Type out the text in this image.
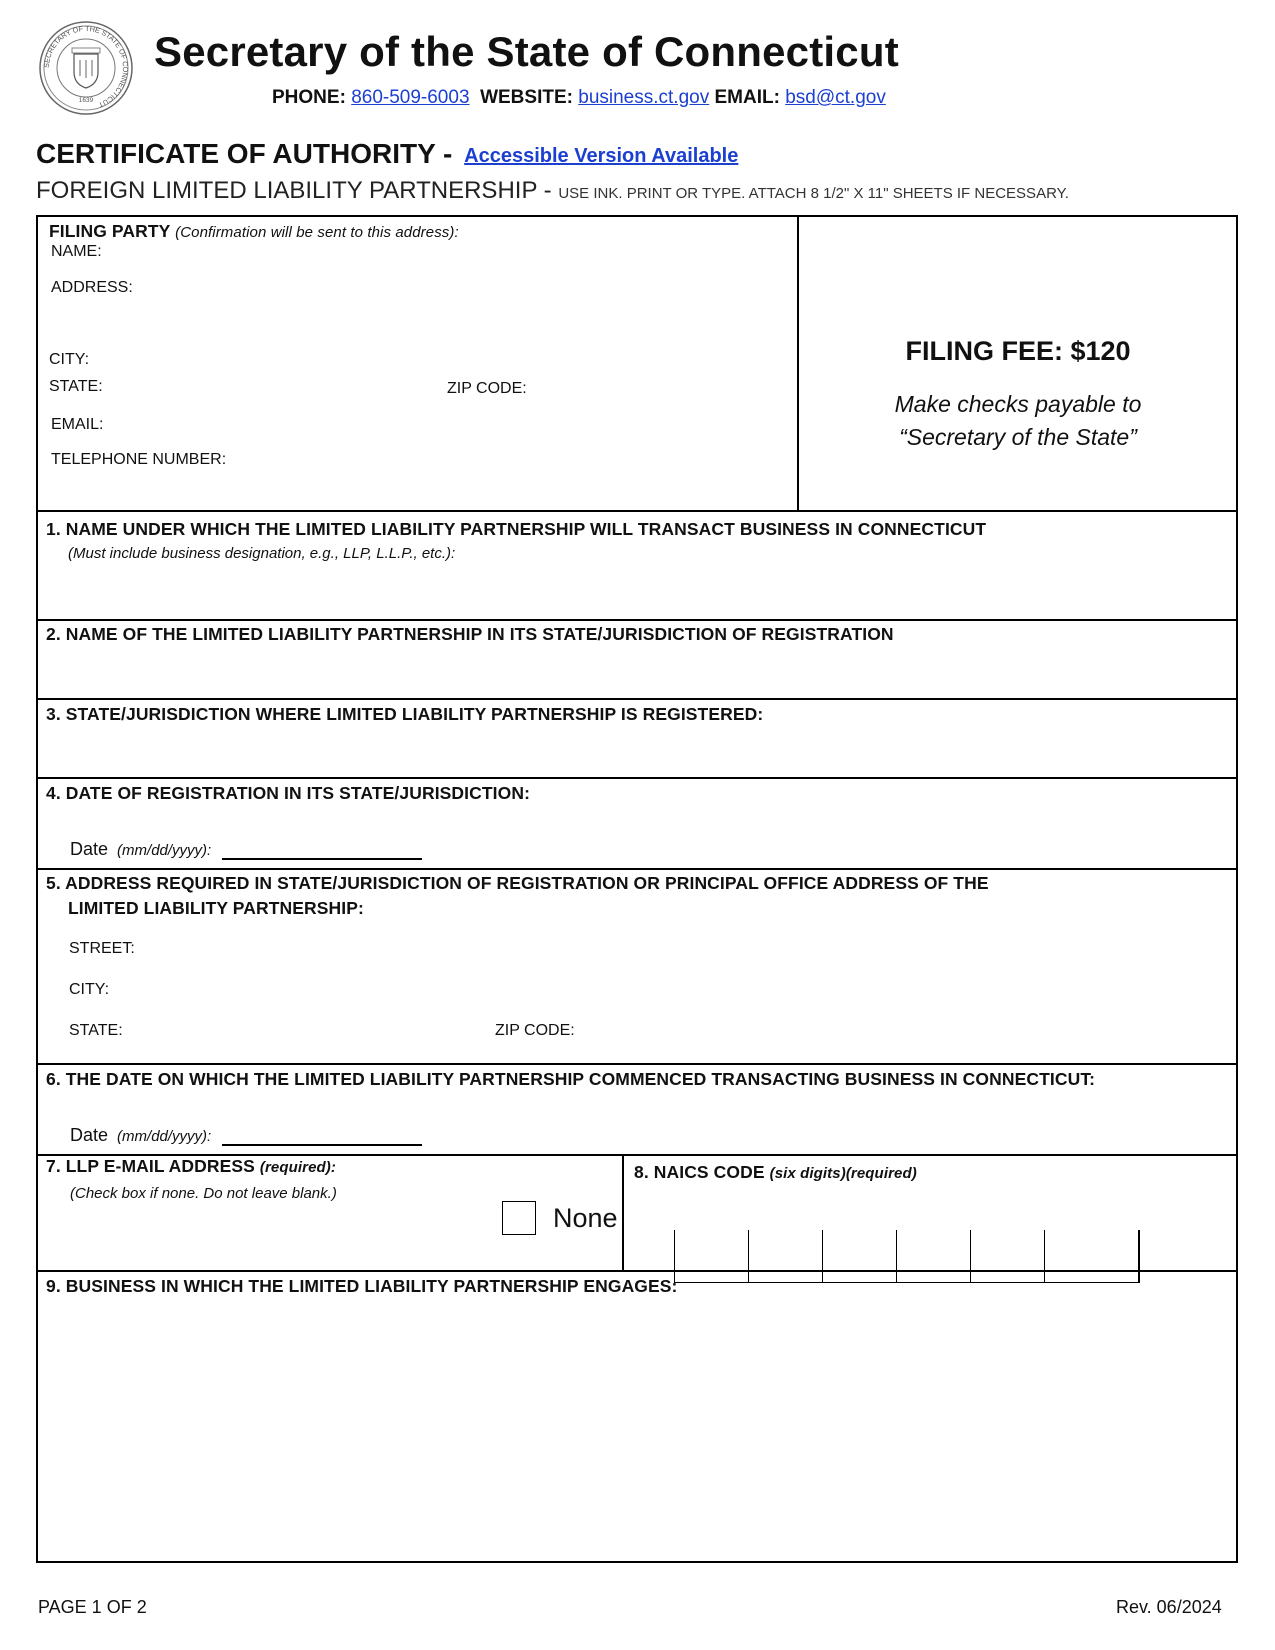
SECRETARY OF THE STATE OF CONNECTICUT
1639
Secretary of the State of Connecticut
PHONE: 860-509-6003 WEBSITE: business.ct.gov EMAIL: bsd@ct.gov
CERTIFICATE OF AUTHORITY - Accessible Version Available
FOREIGN LIMITED LIABILITY PARTNERSHIP - USE INK. PRINT OR TYPE. ATTACH 8 1/2" X 11" SHEETS IF NECESSARY.
FILING PARTY (Confirmation will be sent to this address):
NAME:
ADDRESS:
CITY:
STATE:	ZIP CODE:
EMAIL:
TELEPHONE NUMBER:
FILING FEE: $120
Make checks payable to
“Secretary of the State”
1. NAME UNDER WHICH THE LIMITED LIABILITY PARTNERSHIP WILL TRANSACT BUSINESS IN CONNECTICUT
(Must include business designation, e.g., LLP, L.L.P., etc.):
2. NAME OF THE LIMITED LIABILITY PARTNERSHIP IN ITS STATE/JURISDICTION OF REGISTRATION
3. STATE/JURISDICTION WHERE LIMITED LIABILITY PARTNERSHIP IS REGISTERED:
4. DATE OF REGISTRATION IN ITS STATE/JURISDICTION:
Date (mm/dd/yyyy):
5. ADDRESS REQUIRED IN STATE/JURISDICTION OF REGISTRATION OR PRINCIPAL OFFICE ADDRESS OF THE
LIMITED LIABILITY PARTNERSHIP:
STREET:
CITY:
STATE:	ZIP CODE:
6. THE DATE ON WHICH THE LIMITED LIABILITY PARTNERSHIP COMMENCED TRANSACTING BUSINESS IN CONNECTICUT:
Date (mm/dd/yyyy):
7. LLP E-MAIL ADDRESS (required):
(Check box if none. Do not leave blank.)
None
8. NAICS CODE (six digits)(required)
9. BUSINESS IN WHICH THE LIMITED LIABILITY PARTNERSHIP ENGAGES:
PAGE 1 OF 2	Rev. 06/2024
